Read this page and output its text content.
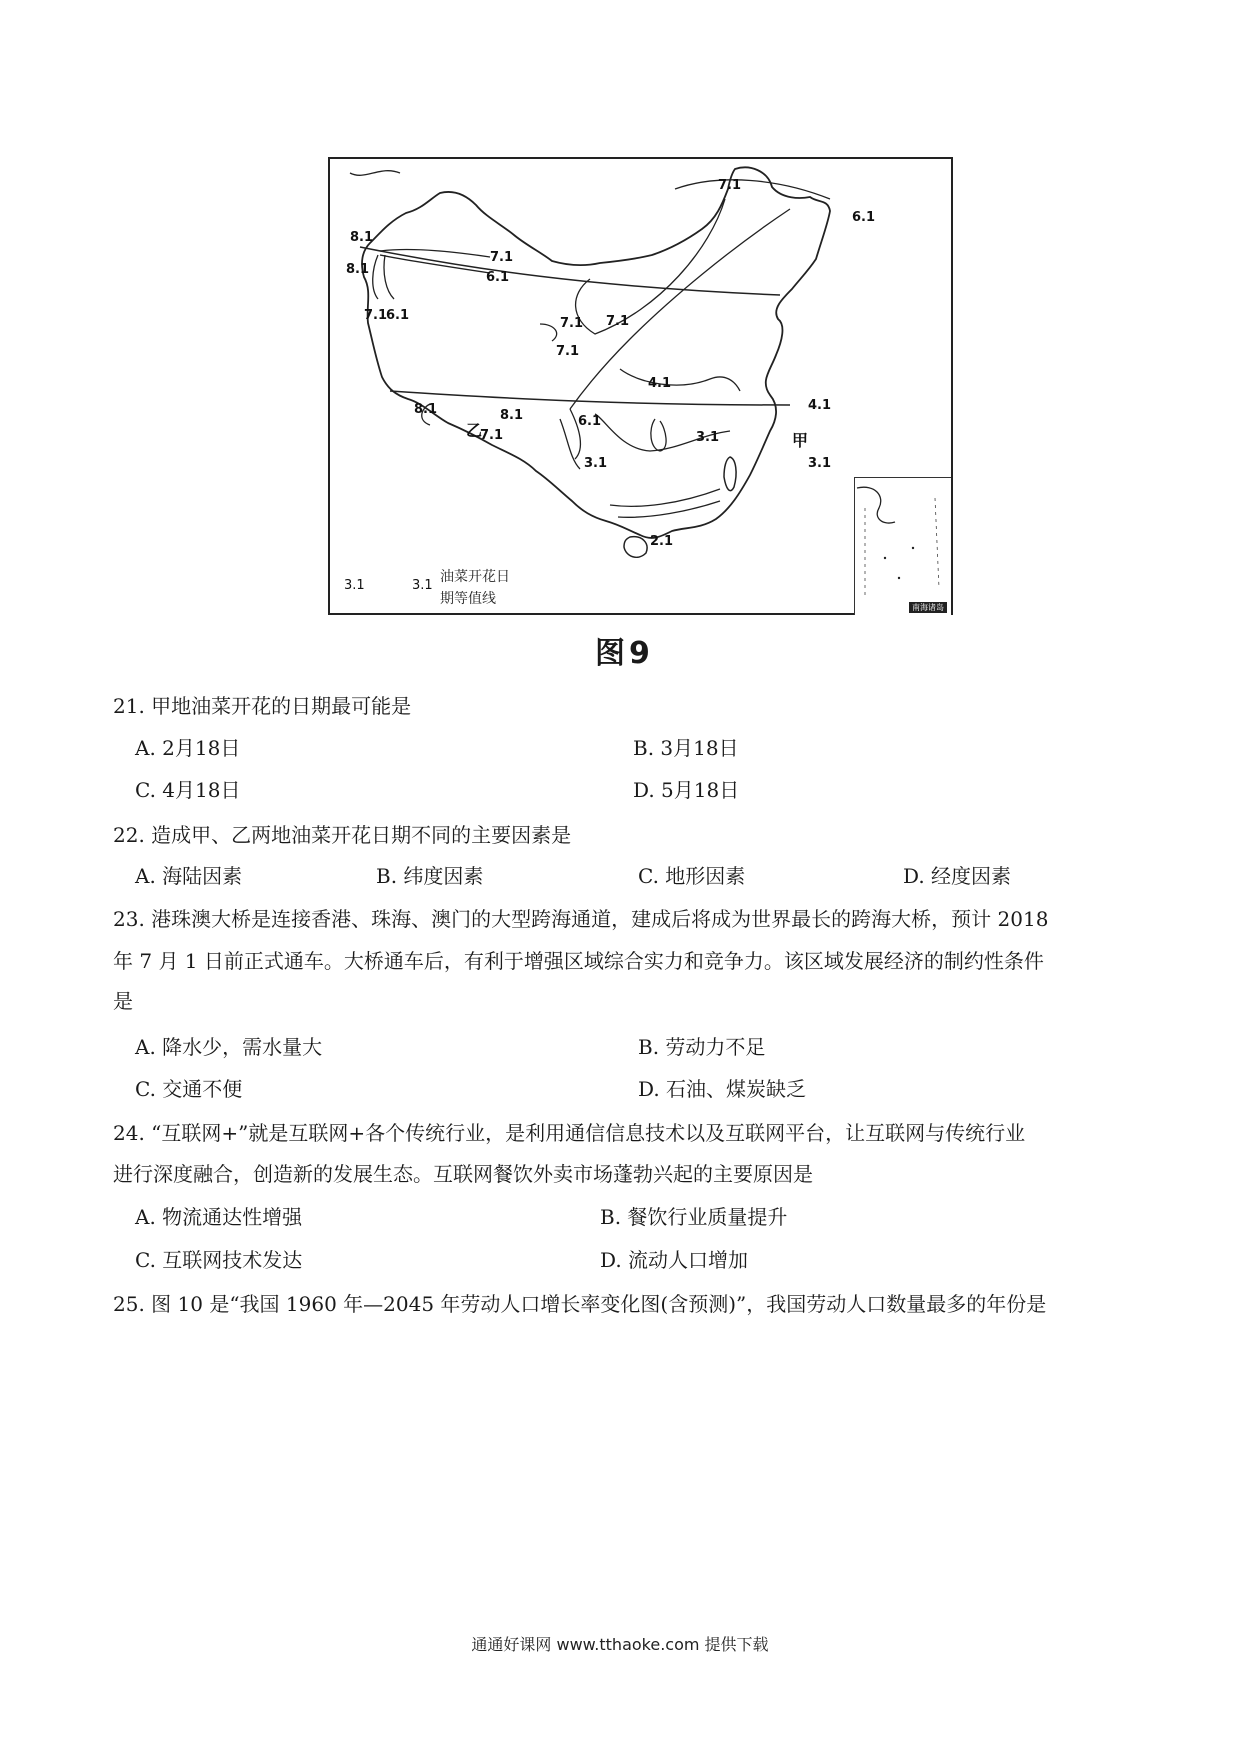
7.1
6.1
8.1
7.1
8.1
6.1
7.1
6.1
7.1 7.1
7.1
4.1
4.1
8.1	8.1	6.1
7.1	3.1
3.1	3.1
2.1
甲
乙
3.1	3.1
油菜开花日
期等值线
南海诸岛
图9
21. 甲地油菜开花的日期最可能是
A. 2月18日	B. 3月18日
C. 4月18日	D. 5月18日
22. 造成甲、乙两地油菜开花日期不同的主要因素是
A. 海陆因素	B. 纬度因素	C. 地形因素	D. 经度因素
23. 港珠澳大桥是连接香港、珠海、澳门的大型跨海通道，建成后将成为世界最长的跨海大桥，预计 2018
年 7 月 1 日前正式通车。大桥通车后，有利于增强区域综合实力和竞争力。该区域发展经济的制约性条件
是
A. 降水少，需水量大	B. 劳动力不足
C. 交通不便	D. 石油、煤炭缺乏
24. “互联网+”就是互联网+各个传统行业，是利用通信信息技术以及互联网平台，让互联网与传统行业
进行深度融合，创造新的发展生态。互联网餐饮外卖市场蓬勃兴起的主要原因是
A. 物流通达性增强	B. 餐饮行业质量提升
C. 互联网技术发达	D. 流动人口增加
25. 图 10 是“我国 1960 年—2045 年劳动人口增长率变化图(含预测)”，我国劳动人口数量最多的年份是
通通好课网 www.tthaoke.com 提供下载
